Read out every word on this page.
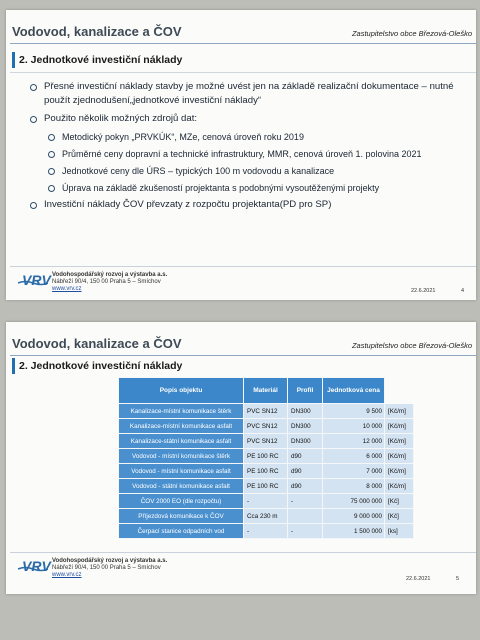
Vodovod, kanalizace a ČOV	Zastupitelstvo obce Březová-Oleško
2. Jednotkové investiční náklady
Přesné investiční náklady stavby je možné uvést jen na základě realizační dokumentace – nutné použít zjednodušení„jednotkové investiční náklady“
Použito několik možných zdrojů dat:
Metodický pokyn „PRVKÚK“, MZe, cenová úroveň roku 2019
Průměrné ceny dopravní a technické infrastruktury, MMR, cenová úroveň 1. polovina 2021
Jednotkové ceny dle ÚRS – typických 100 m vodovodu a kanalizace
Úprava na základě zkušeností projektanta s podobnými vysoutěženými projekty
Investiční náklady ČOV převzaty z rozpočtu projektanta(PD pro SP)
VRV Vodohospodářský rozvoj a výstavba a.s.
Nábřeží 90/4, 150 00 Praha 5 – Smíchov
www.vrv.cz	22.6.2021	4
Vodovod, kanalizace a ČOV	Zastupitelstvo obce Březová-Oleško
2. Jednotkové investiční náklady
Popis objektu	Materiál	Profil	Jednotková cena	
Kanalizace-místní komunikace štěrk	PVC SN12	DN300	9 500	[Kč/m]
Kanalizace-místní komunikace asfalt	PVC SN12	DN300	10 000	[Kč/m]
Kanalizace-státní komunikace asfalt	PVC SN12	DN300	12 000	[Kč/m]
Vodovod - místní komunikace štěrk	PE 100 RC	d90	6 000	[Kč/m]
Vodovod - místní komunikace asfalt	PE 100 RC	d90	7 000	[Kč/m]
Vodovod - státní komunikace asfalt	PE 100 RC	d90	8 000	[Kč/m]
ČOV 2000 EO (dle rozpočtu)	-	-	75 000 000	[Kč]
Příjezdová komunikace k ČOV	Cca 230 m		9 000 000	[Kč]
Čerpací stanice odpadních vod	-	-	1 500 000	[ks]
VRV Vodohospodářský rozvoj a výstavba a.s.
Nábřeží 90/4, 150 00 Praha 5 – Smíchov
www.vrv.cz
22.6.2021	5
